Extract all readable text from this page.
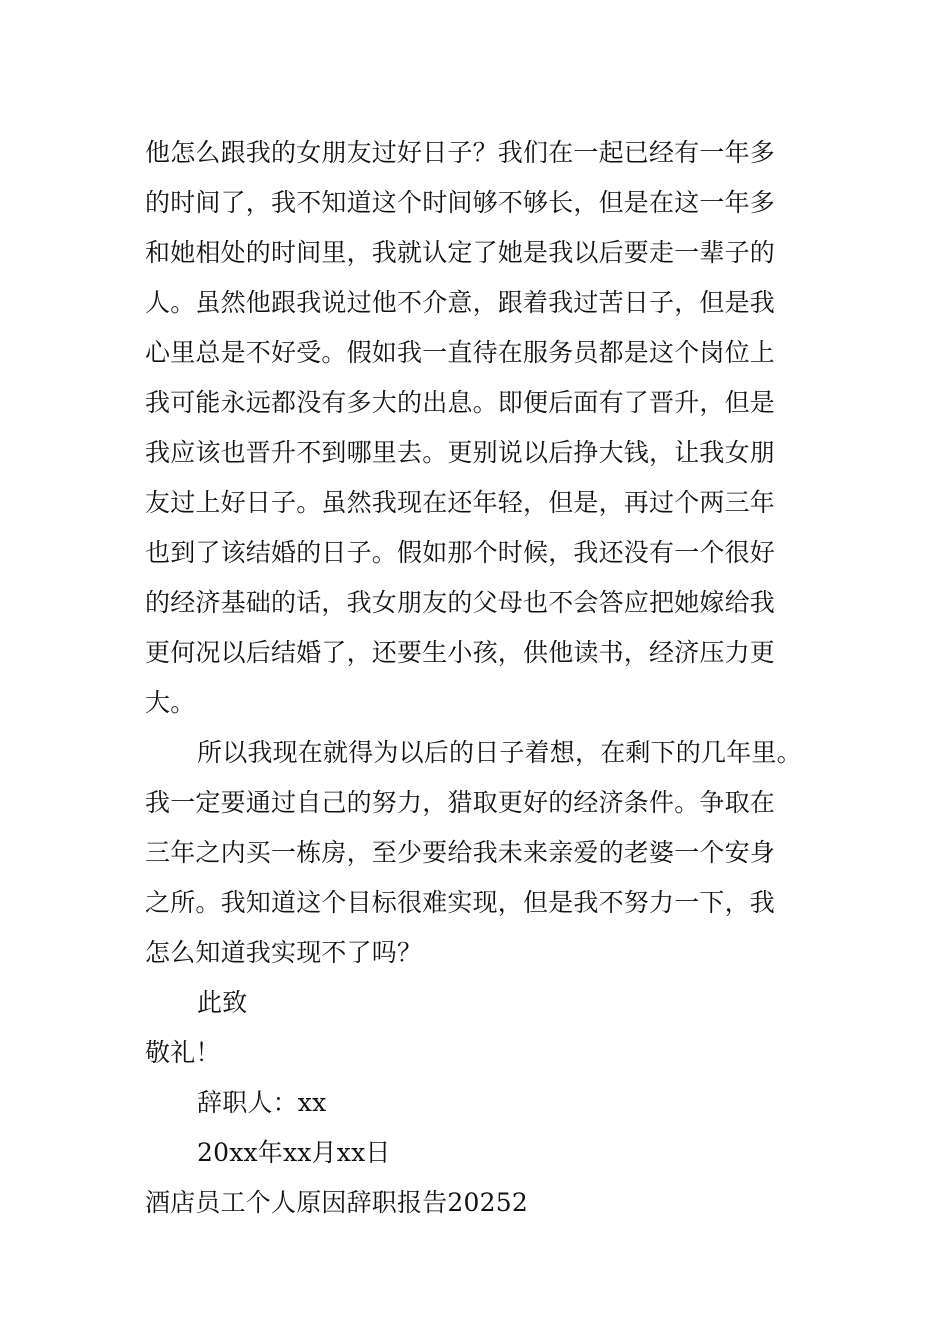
他怎么跟我的女朋友过好日子？我们在一起已经有一年多
的时间了，我不知道这个时间够不够长，但是在这一年多
和她相处的时间里，我就认定了她是我以后要走一辈子的
人。虽然他跟我说过他不介意，跟着我过苦日子，但是我
心里总是不好受。假如我一直待在服务员都是这个岗位上
我可能永远都没有多大的出息。即便后面有了晋升，但是
我应该也晋升不到哪里去。更别说以后挣大钱，让我女朋
友过上好日子。虽然我现在还年轻，但是，再过个两三年
也到了该结婚的日子。假如那个时候，我还没有一个很好
的经济基础的话，我女朋友的父母也不会答应把她嫁给我
更何况以后结婚了，还要生小孩，供他读书，经济压力更
大。
所以我现在就得为以后的日子着想，在剩下的几年里。
我一定要通过自己的努力，猎取更好的经济条件。争取在
三年之内买一栋房，至少要给我未来亲爱的老婆一个安身
之所。我知道这个目标很难实现，但是我不努力一下，我
怎么知道我实现不了吗？
此致
敬礼！
辞职人：xx
20xx年xx月xx日
酒店员工个人原因辞职报告20252
